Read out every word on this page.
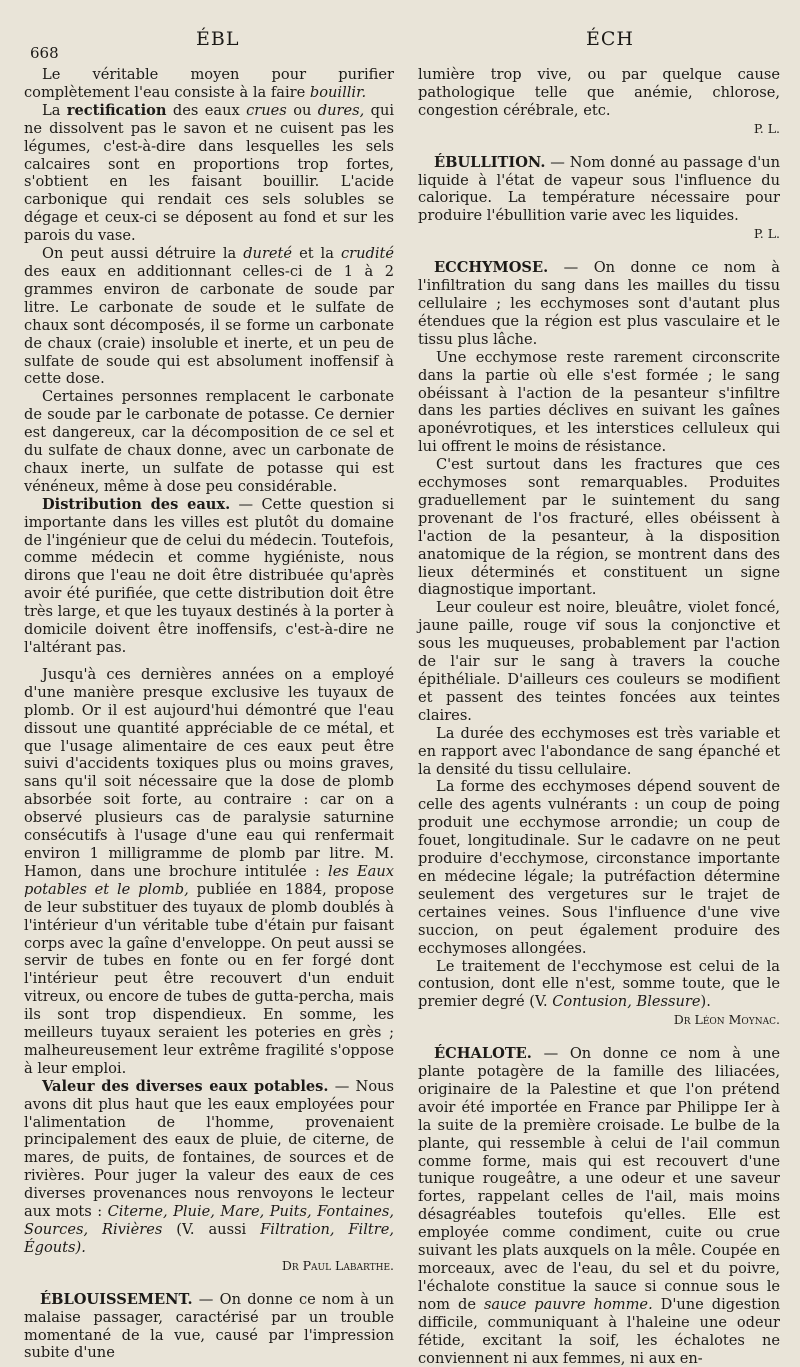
668
ÉBL	ÉCH

Le véritable moyen pour purifier complètement l'eau consiste à la faire bouillir.

La rectification des eaux crues ou dures, qui ne dissolvent pas le savon et ne cuisent pas les légumes, c'est-à-dire dans lesquelles les sels calcaires sont en proportions trop fortes, s'obtient en les faisant bouillir. L'acide carbonique qui rendait ces sels solubles se dégage et ceux-ci se déposent au fond et sur les parois du vase.

On peut aussi détruire la dureté et la crudité des eaux en additionnant celles-ci de 1 à 2 grammes environ de carbonate de soude par litre. Le carbonate de soude et le sulfate de chaux sont décomposés, il se forme un carbonate de chaux (craie) insoluble et inerte, et un peu de sulfate de soude qui est absolument inoffensif à cette dose.

Certaines personnes remplacent le carbonate de soude par le carbonate de potasse. Ce dernier est dangereux, car la décomposition de ce sel et du sulfate de chaux donne, avec un carbonate de chaux inerte, un sulfate de potasse qui est vénéneux, même à dose peu considérable.

Distribution des eaux. — Cette question si importante dans les villes est plutôt du domaine de l'ingénieur que de celui du médecin. Toutefois, comme médecin et comme hygiéniste, nous dirons que l'eau ne doit être distribuée qu'après avoir été purifiée, que cette distribution doit être très large, et que les tuyaux destinés à la porter à domicile doivent être inoffensifs, c'est-à-dire ne l'altérant pas.

Jusqu'à ces dernières années on a employé d'une manière presque exclusive les tuyaux de plomb. Or il est aujourd'hui démontré que l'eau dissout une quantité appréciable de ce métal, et que l'usage alimentaire de ces eaux peut être suivi d'accidents toxiques plus ou moins graves, sans qu'il soit nécessaire que la dose de plomb absorbée soit forte, au contraire : car on a observé plusieurs cas de paralysie saturnine consécutifs à l'usage d'une eau qui renfermait environ 1 milligramme de plomb par litre. M. Hamon, dans une brochure intitulée : les Eaux potables et le plomb, publiée en 1884, propose de leur substituer des tuyaux de plomb doublés à l'intérieur d'un véritable tube d'étain pur faisant corps avec la gaîne d'enveloppe. On peut aussi se servir de tubes en fonte ou en fer forgé dont l'intérieur peut être recouvert d'un enduit vitreux, ou encore de tubes de gutta-percha, mais ils sont trop dispendieux. En somme, les meilleurs tuyaux seraient les poteries en grès ; malheureusement leur extrême fragilité s'oppose à leur emploi.

Valeur des diverses eaux potables. — Nous avons dit plus haut que les eaux employées pour l'alimentation de l'homme, provenaient principalement des eaux de pluie, de citerne, de mares, de puits, de fontaines, de sources et de rivières. Pour juger la valeur des eaux de ces diverses provenances nous renvoyons le lecteur aux mots : Citerne, Pluie, Mare, Puits, Fontaines, Sources, Rivières (V. aussi Filtration, Filtre, Égouts).

Dr Paul Labarthe.

ÉBLOUISSEMENT. — On donne ce nom à un malaise passager, caractérisé par un trouble momentané de la vue, causé par l'impression subite d'une

lumière trop vive, ou par quelque cause pathologique telle que anémie, chlorose, congestion cérébrale, etc.

P. L.

ÉBULLITION. — Nom donné au passage d'un liquide à l'état de vapeur sous l'influence du calorique. La température nécessaire pour produire l'ébullition varie avec les liquides.

P. L.

ECCHYMOSE. — On donne ce nom à l'infiltration du sang dans les mailles du tissu cellulaire ; les ecchymoses sont d'autant plus étendues que la région est plus vasculaire et le tissu plus lâche.

Une ecchymose reste rarement circonscrite dans la partie où elle s'est formée ; le sang obéissant à l'action de la pesanteur s'infiltre dans les parties déclives en suivant les gaînes aponévrotiques, et les interstices celluleux qui lui offrent le moins de résistance.

C'est surtout dans les fractures que ces ecchymoses sont remarquables. Produites graduellement par le suintement du sang provenant de l'os fracturé, elles obéissent à l'action de la pesanteur, à la disposition anatomique de la région, se montrent dans des lieux déterminés et constituent un signe diagnostique important.

Leur couleur est noire, bleuâtre, violet foncé, jaune paille, rouge vif sous la conjonctive et sous les muqueuses, probablement par l'action de l'air sur le sang à travers la couche épithéliale. D'ailleurs ces couleurs se modifient et passent des teintes foncées aux teintes claires.

La durée des ecchymoses est très variable et en rapport avec l'abondance de sang épanché et la densité du tissu cellulaire.

La forme des ecchymoses dépend souvent de celle des agents vulnérants : un coup de poing produit une ecchymose arrondie; un coup de fouet, longitudinale. Sur le cadavre on ne peut produire d'ecchymose, circonstance importante en médecine légale; la putréfaction détermine seulement des vergetures sur le trajet de certaines veines. Sous l'influence d'une vive succion, on peut également produire des ecchymoses allongées.

Le traitement de l'ecchymose est celui de la contusion, dont elle n'est, somme toute, que le premier degré (V. Contusion, Blessure).

Dr Léon Moynac.

ÉCHALOTE. — On donne ce nom à une plante potagère de la famille des liliacées, originaire de la Palestine et que l'on prétend avoir été importée en France par Philippe Ier à la suite de la première croisade. Le bulbe de la plante, qui ressemble à celui de l'ail commun comme forme, mais qui est recouvert d'une tunique rougeâtre, a une odeur et une saveur fortes, rappelant celles de l'ail, mais moins désagréables toutefois qu'elles. Elle est employée comme condiment, cuite ou crue suivant les plats auxquels on la mêle. Coupée en morceaux, avec de l'eau, du sel et du poivre, l'échalote constitue la sauce si connue sous le nom de sauce pauvre homme. D'une digestion difficile, communiquant à l'haleine une odeur fétide, excitant la soif, les échalotes ne conviennent ni aux femmes, ni aux en-
